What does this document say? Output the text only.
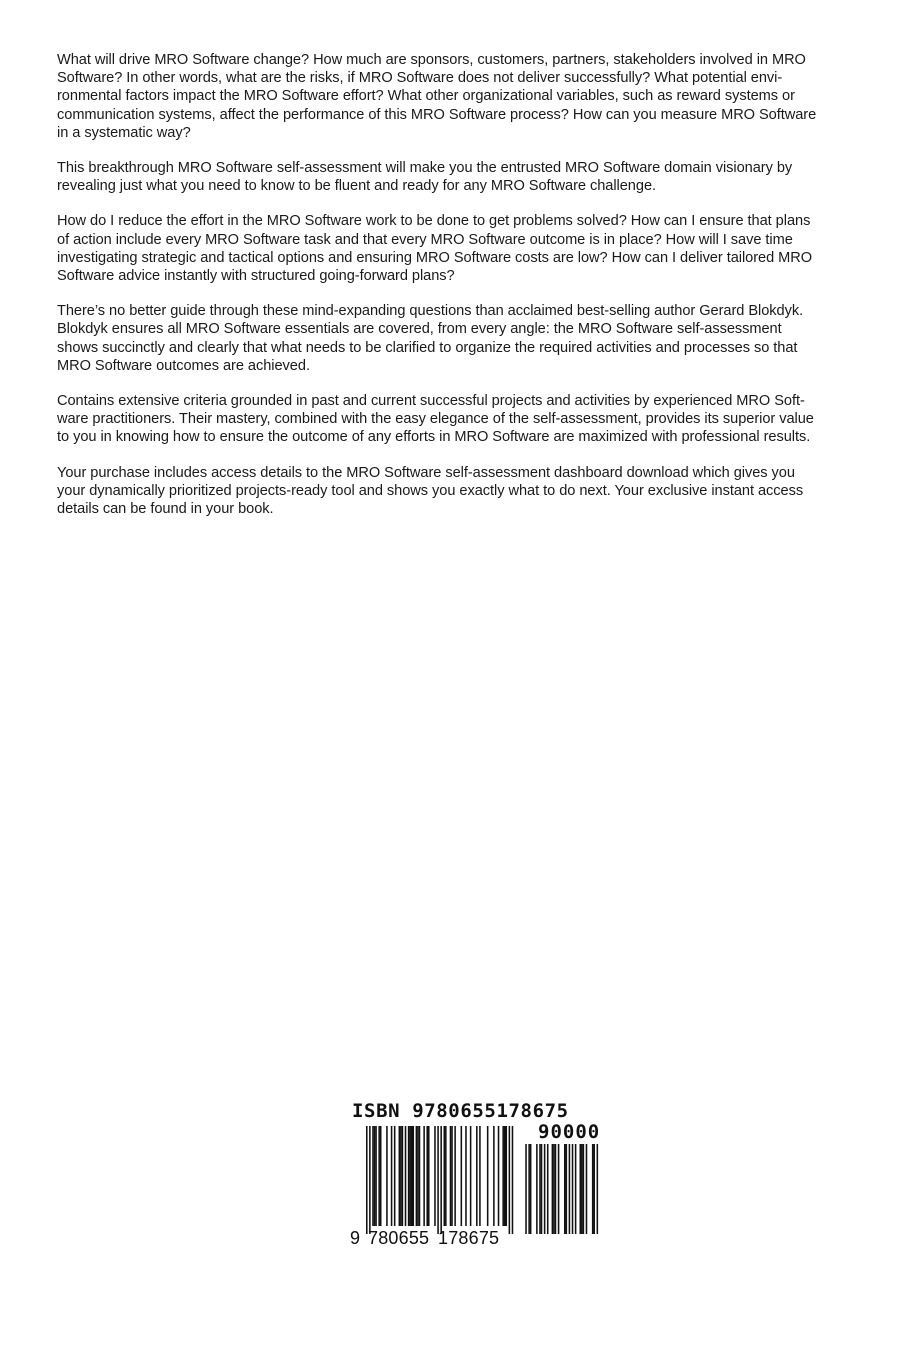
What will drive MRO Software change? How much are sponsors, customers, partners, stakeholders involved in MRO
Software? In other words, what are the risks, if MRO Software does not deliver successfully? What potential envi-
ronmental factors impact the MRO Software effort? What other organizational variables, such as reward systems or
communication systems, affect the performance of this MRO Software process? How can you measure MRO Software
in a systematic way?

This breakthrough MRO Software self-assessment will make you the entrusted MRO Software domain visionary by
revealing just what you need to know to be fluent and ready for any MRO Software challenge.

How do I reduce the effort in the MRO Software work to be done to get problems solved? How can I ensure that plans
of action include every MRO Software task and that every MRO Software outcome is in place? How will I save time
investigating strategic and tactical options and ensuring MRO Software costs are low? How can I deliver tailored MRO
Software advice instantly with structured going-forward plans?

There’s no better guide through these mind-expanding questions than acclaimed best-selling author Gerard Blokdyk.
Blokdyk ensures all MRO Software essentials are covered, from every angle: the MRO Software self-assessment
shows succinctly and clearly that what needs to be clarified to organize the required activities and processes so that
MRO Software outcomes are achieved.

Contains extensive criteria grounded in past and current successful projects and activities by experienced MRO Soft-
ware practitioners. Their mastery, combined with the easy elegance of the self-assessment, provides its superior value
to you in knowing how to ensure the outcome of any efforts in MRO Software are maximized with professional results.

Your purchase includes access details to the MRO Software self-assessment dashboard download which gives you
your dynamically prioritized projects-ready tool and shows you exactly what to do next. Your exclusive instant access
details can be found in your book.

ISBN 9780655178675
90000
9 780655 178675
